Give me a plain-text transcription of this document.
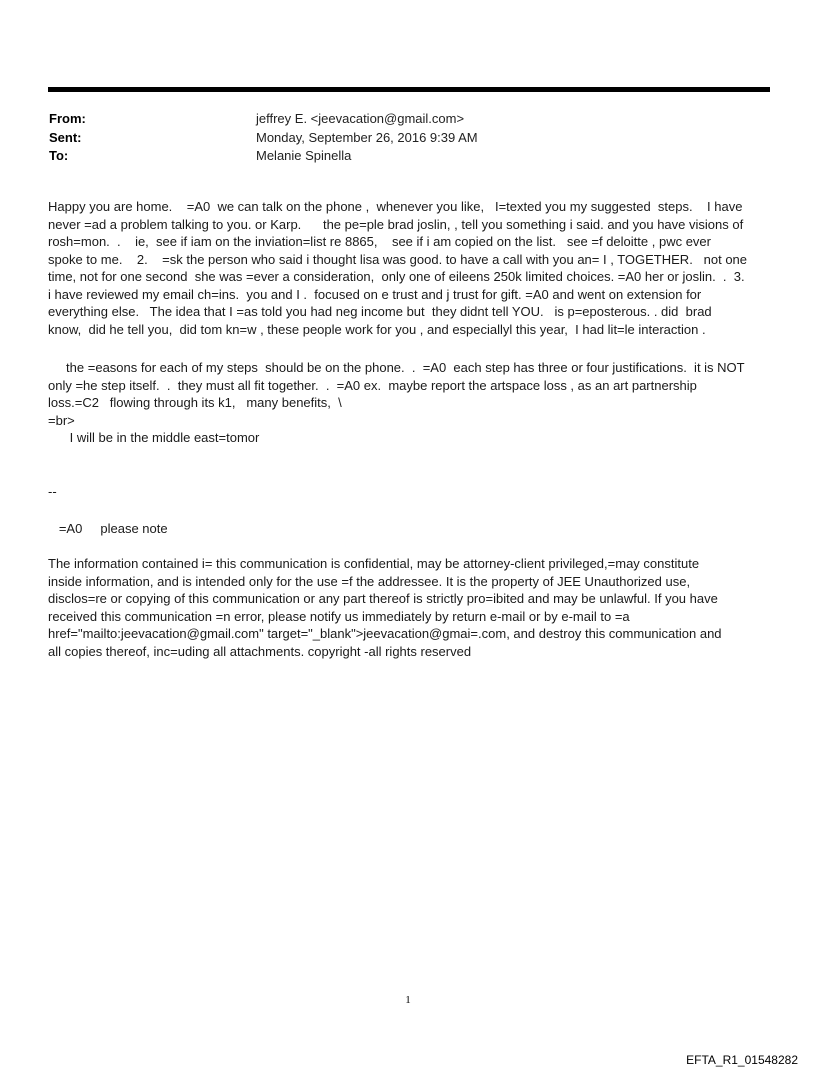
From:	jeffrey E. <jeevacation@gmail.com>
Sent:	Monday, September 26, 2016 9:39 AM
To:	Melanie Spinella
Happy you are home.    =A0  we can talk on the phone ,  whenever you like,   I=texted you my suggested  steps.    I have
never =ad a problem talking to you. or Karp.      the pe=ple brad joslin, , tell you something i said. and you have visions of
rosh=mon.  .    ie,  see if iam on the inviation=list re 8865,    see if i am copied on the list.   see =f deloitte , pwc ever
spoke to me.    2.    =sk the person who said i thought lisa was good. to have a call with you an= I , TOGETHER.   not one
time, not for one second  she was =ever a consideration,  only one of eileens 250k limited choices. =A0 her or joslin.  .  3.
i have reviewed my email ch=ins.  you and I .  focused on e trust and j trust for gift. =A0 and went on extension for
everything else.   The idea that I =as told you had neg income but  they didnt tell YOU.   is p=eposterous. . did  brad
know,  did he tell you,  did tom kn=w , these people work for you , and especiallyl this year,  I had lit=le interaction .
the =easons for each of my steps  should be on the phone.  .  =A0  each step has three or four justifications.  it is NOT
only =he step itself.  .  they must all fit together.  .  =A0 ex.  maybe report the artspace loss , as an art partnership
loss.=C2   flowing through its k1,   many benefits,  \
=br>
I will be in the middle east=tomor
--
=A0     please note
The information contained i= this communication is confidential, may be attorney-client privileged,=may constitute
inside information, and is intended only for the use =f the addressee. It is the property of JEE Unauthorized use,
disclos=re or copying of this communication or any part thereof is strictly pro=ibited and may be unlawful. If you have
received this communication =n error, please notify us immediately by return e-mail or by e-mail to =a
href="mailto:jeevacation@gmail.com" target="_blank">jeevacation@gmai=.com, and destroy this communication and
all copies thereof, inc=uding all attachments. copyright -all rights reserved
1
EFTA_R1_01548282
